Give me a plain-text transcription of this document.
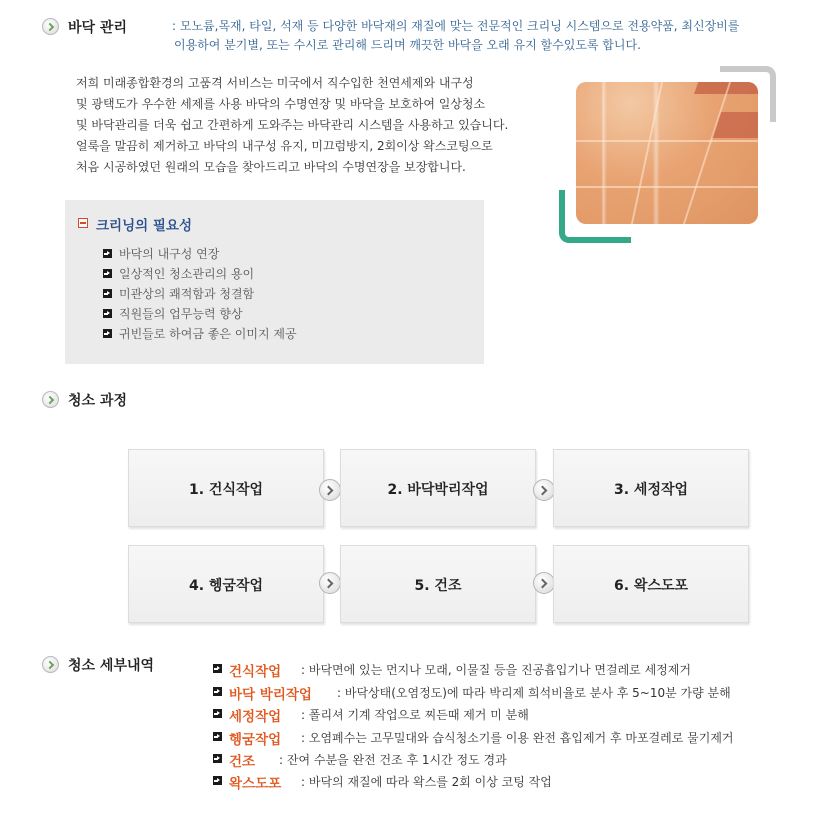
바닥 관리	: 모노륨,목재, 타일, 석재 등 다양한 바닥재의 재질에 맞는 전문적인 크리닝 시스템으로 전용약품, 최신장비를
이용하여 분기별, 또는 수시로 관리해 드리며 깨끗한 바닥을 오래 유지 할수있도록 합니다.
저희 미래종합환경의 고품격 서비스는 미국에서 직수입한 천연세제와 내구성
및 광택도가 우수한 세제를 사용 바닥의 수명연장 및 바닥을 보호하여 일상청소
및 바닥관리를 더욱 쉽고 간편하게 도와주는 바닥관리 시스템을 사용하고 있습니다.
얼룩을 말끔히 제거하고 바닥의 내구성 유지, 미끄럼방지, 2회이상 왁스코팅으로
처음 시공하였던 원래의 모습을 찾아드리고 바닥의 수명연장을 보장합니다.
크리닝의 필요성
바닥의 내구성 연장
일상적인 청소관리의 용이
미관상의 쾌적함과 청결함
직원들의 업무능력 향상
귀빈들로 하여금 좋은 이미지 제공
청소 과정
1. 건식작업	2. 바닥박리작업	3. 세정작업
4. 헹굼작업	5. 건조	6. 왁스도포
청소 세부내역	건식작업 : 바닥면에 있는 먼지나 모래, 이물질 등을 진공흡입기나 면걸레로 세정제거
바닥 박리작업 : 바닥상태(오염정도)에 따라 박리제 희석비율로 분사 후 5~10분 가량 분해
세정작업 : 폴리셔 기계 작업으로 찌든때 제거 미 분해
헹굼작업 : 오염폐수는 고무밀대와 습식청소기를 이용 완전 흡입제거 후 마포걸레로 물기제거
건조 : 잔여 수분을 완전 건조 후 1시간 정도 경과
왁스도포 : 바닥의 재질에 따라 왁스를 2회 이상 코팅 작업
